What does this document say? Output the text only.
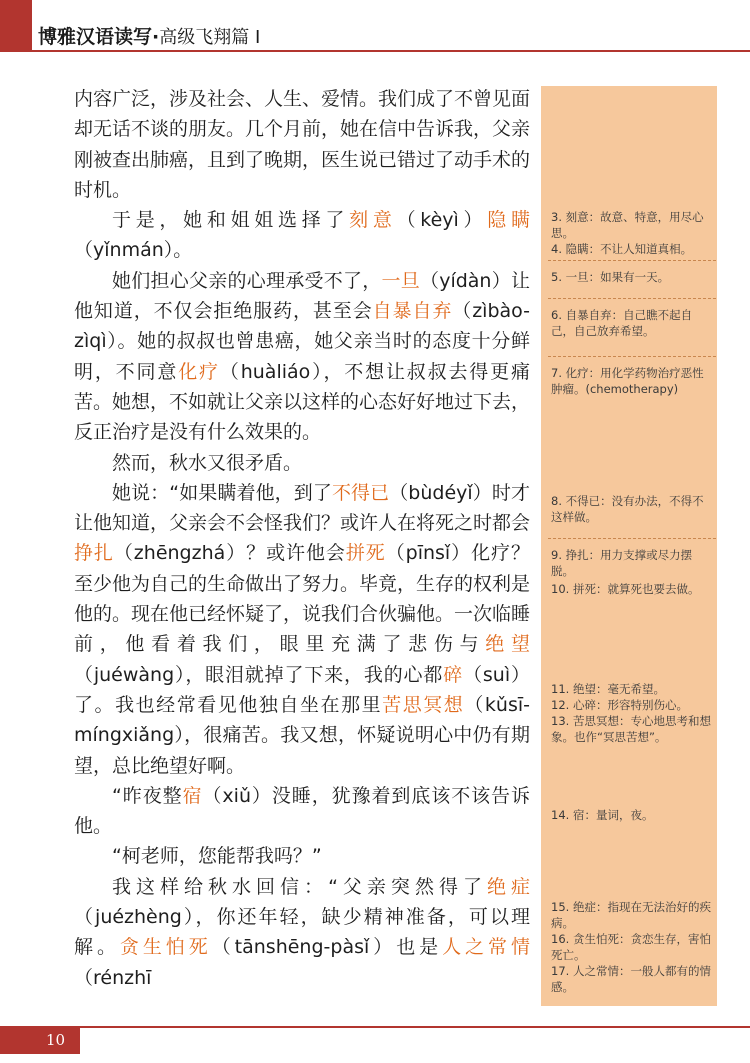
博雅汉语读写·高级飞翔篇 I

内容广泛，涉及社会、人生、爱情。我们成了不曾见面却无话不谈的朋友。几个月前，她在信中告诉我，父亲刚被查出肺癌，且到了晚期，医生说已错过了动手术的时机。

于是，她和姐姐选择了刻意（kèyì）隐瞒（yǐnmán）。

她们担心父亲的心理承受不了，一旦（yídàn）让他知道，不仅会拒绝服药，甚至会自暴自弃（zìbào-zìqì）。她的叔叔也曾患癌，她父亲当时的态度十分鲜明，不同意化疗（huàliáo），不想让叔叔去得更痛苦。她想，不如就让父亲以这样的心态好好地过下去，反正治疗是没有什么效果的。

然而，秋水又很矛盾。

她说：“如果瞒着他，到了不得已（bùdéyǐ）时才让他知道，父亲会不会怪我们？或许人在将死之时都会挣扎（zhēngzhá）？或许他会拼死（pīnsǐ）化疗？至少他为自己的生命做出了努力。毕竟，生存的权利是他的。现在他已经怀疑了，说我们合伙骗他。一次临睡前，他看着我们，眼里充满了悲伤与绝望（juéwàng），眼泪就掉了下来，我的心都碎（suì）了。我也经常看见他独自坐在那里苦思冥想（kǔsī-míngxiǎng），很痛苦。我又想，怀疑说明心中仍有期望，总比绝望好啊。

“昨夜整宿（xiǔ）没睡，犹豫着到底该不该告诉他。

“柯老师，您能帮我吗？”

我这样给秋水回信：“父亲突然得了绝症（juézhèng），你还年轻，缺少精神准备，可以理解。贪生怕死（tānshēng-pàsǐ）也是人之常情（rénzhī

3. 刻意：故意、特意，用尽心思。
4. 隐瞒：不让人知道真相。
5. 一旦：如果有一天。
6. 自暴自弃：自己瞧不起自己，自己放弃希望。
7. 化疗：用化学药物治疗恶性肿瘤。(chemotherapy)
8. 不得已：没有办法，不得不这样做。
9. 挣扎：用力支撑或尽力摆脱。
10. 拼死：就算死也要去做。
11. 绝望：毫无希望。
12. 心碎：形容特别伤心。
13. 苦思冥想：专心地思考和想象。也作“冥思苦想”。
14. 宿：量词，夜。
15. 绝症：指现在无法治好的疾病。
16. 贪生怕死：贪恋生存，害怕死亡。
17. 人之常情：一般人都有的情感。
10
